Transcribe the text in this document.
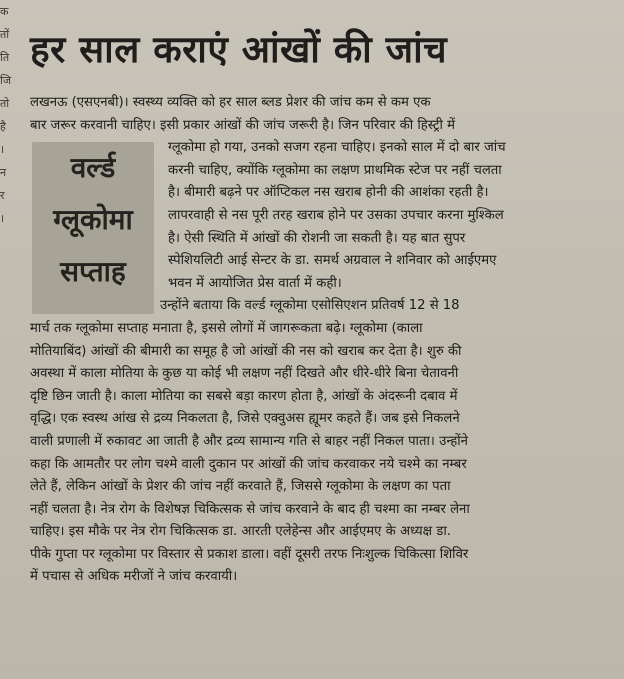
क
तों
ति
जि
तो
है
।
न
र
।
हर साल कराएं आंखों की जांच
वर्ल्ड
ग्लूकोमा
सप्ताह
लखनऊ (एसएनबी)। स्वस्थ्य व्यक्ति को हर साल ब्लड प्रेशर की जांच कम से कम एक
बार जरूर करवानी चाहिए। इसी प्रकार आंखों की जांच जरूरी है। जिन परिवार की हिस्ट्री में
ग्लूकोमा हो गया, उनको सजग रहना चाहिए। इनको साल में दो बार जांच
करनी चाहिए, क्योंकि ग्लूकोमा का लक्षण प्राथमिक स्टेज पर नहीं चलता
है। बीमारी बढ़ने पर ऑप्टिकल नस खराब होनी की आशंका रहती है।
लापरवाही से नस पूरी तरह खराब होने पर उसका उपचार करना मुश्किल
है। ऐसी स्थिति में आंखों की रोशनी जा सकती है। यह बात सुपर
स्पेशियलिटी आई सेन्टर के डा. समर्थ अग्रवाल ने शनिवार को आईएमए
भवन में आयोजित प्रेस वार्ता में कही।
उन्होंने बताया कि वर्ल्ड ग्लूकोमा एसोसिएशन प्रतिवर्ष 12 से 18
मार्च तक ग्लूकोमा सप्ताह मनाता है, इससे लोगों में जागरूकता बढ़े। ग्लूकोमा (काला
मोतियाबिंद) आंखों की बीमारी का समूह है जो आंखों की नस को खराब कर देता है। शुरु की
अवस्था में काला मोतिया के कुछ या कोई भी लक्षण नहीं दिखते और धीरे-धीरे बिना चेतावनी
दृष्टि छिन जाती है। काला मोतिया का सबसे बड़ा कारण होता है, आंखों के अंदरूनी दबाव में
वृद्धि। एक स्वस्थ आंख से द्रव्य निकलता है, जिसे एक्वुअस ह्यूमर कहते हैं। जब इसे निकलने
वाली प्रणाली में रुकावट आ जाती है और द्रव्य सामान्य गति से बाहर नहीं निकल पाता। उन्होंने
कहा कि आमतौर पर लोग चश्मे वाली दुकान पर आंखों की जांच करवाकर नये चश्मे का नम्बर
लेते हैं, लेकिन आंखों के प्रेशर की जांच नहीं करवाते हैं, जिससे ग्लूकोमा के लक्षण का पता
नहीं चलता है। नेत्र रोग के विशेषज्ञ चिकित्सक से जांच करवाने के बाद ही चश्मा का नम्बर लेना
चाहिए। इस मौके पर नेत्र रोग चिकित्सक डा. आरती एलेहेन्स और आईएमए के अध्यक्ष डा.
पीके गुप्ता पर ग्लूकोमा पर विस्तार से प्रकाश डाला। वहीं दूसरी तरफ निःशुल्क चिकित्सा शिविर
में पचास से अधिक मरीजों ने जांच करवायी।
